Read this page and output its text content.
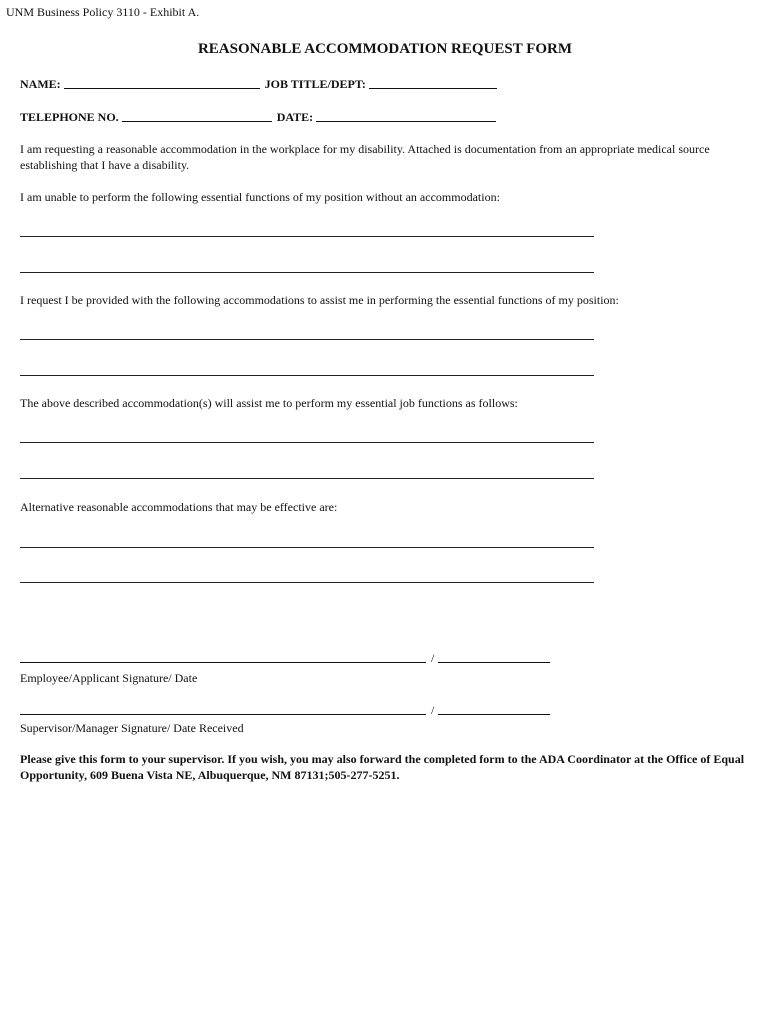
UNM Business Policy 3110 - Exhibit A.
REASONABLE ACCOMMODATION REQUEST FORM
NAME:	JOB TITLE/DEPT:
TELEPHONE NO.	DATE:

I am requesting a reasonable accommodation in the workplace for my disability. Attached is documentation from an appropriate medical source establishing that I have a disability.

I am unable to perform the following essential functions of my position without an accommodation:

I request I be provided with the following accommodations to assist me in performing the essential functions of my position:

The above described accommodation(s) will assist me to perform my essential job functions as follows:

Alternative reasonable accommodations that may be effective are:

/
Employee/Applicant Signature/ Date
/
Supervisor/Manager Signature/ Date Received

Please give this form to your supervisor. If you wish, you may also forward the completed form to the ADA Coordinator at the Office of Equal Opportunity, 609 Buena Vista NE, Albuquerque, NM 87131;505-277-5251.
